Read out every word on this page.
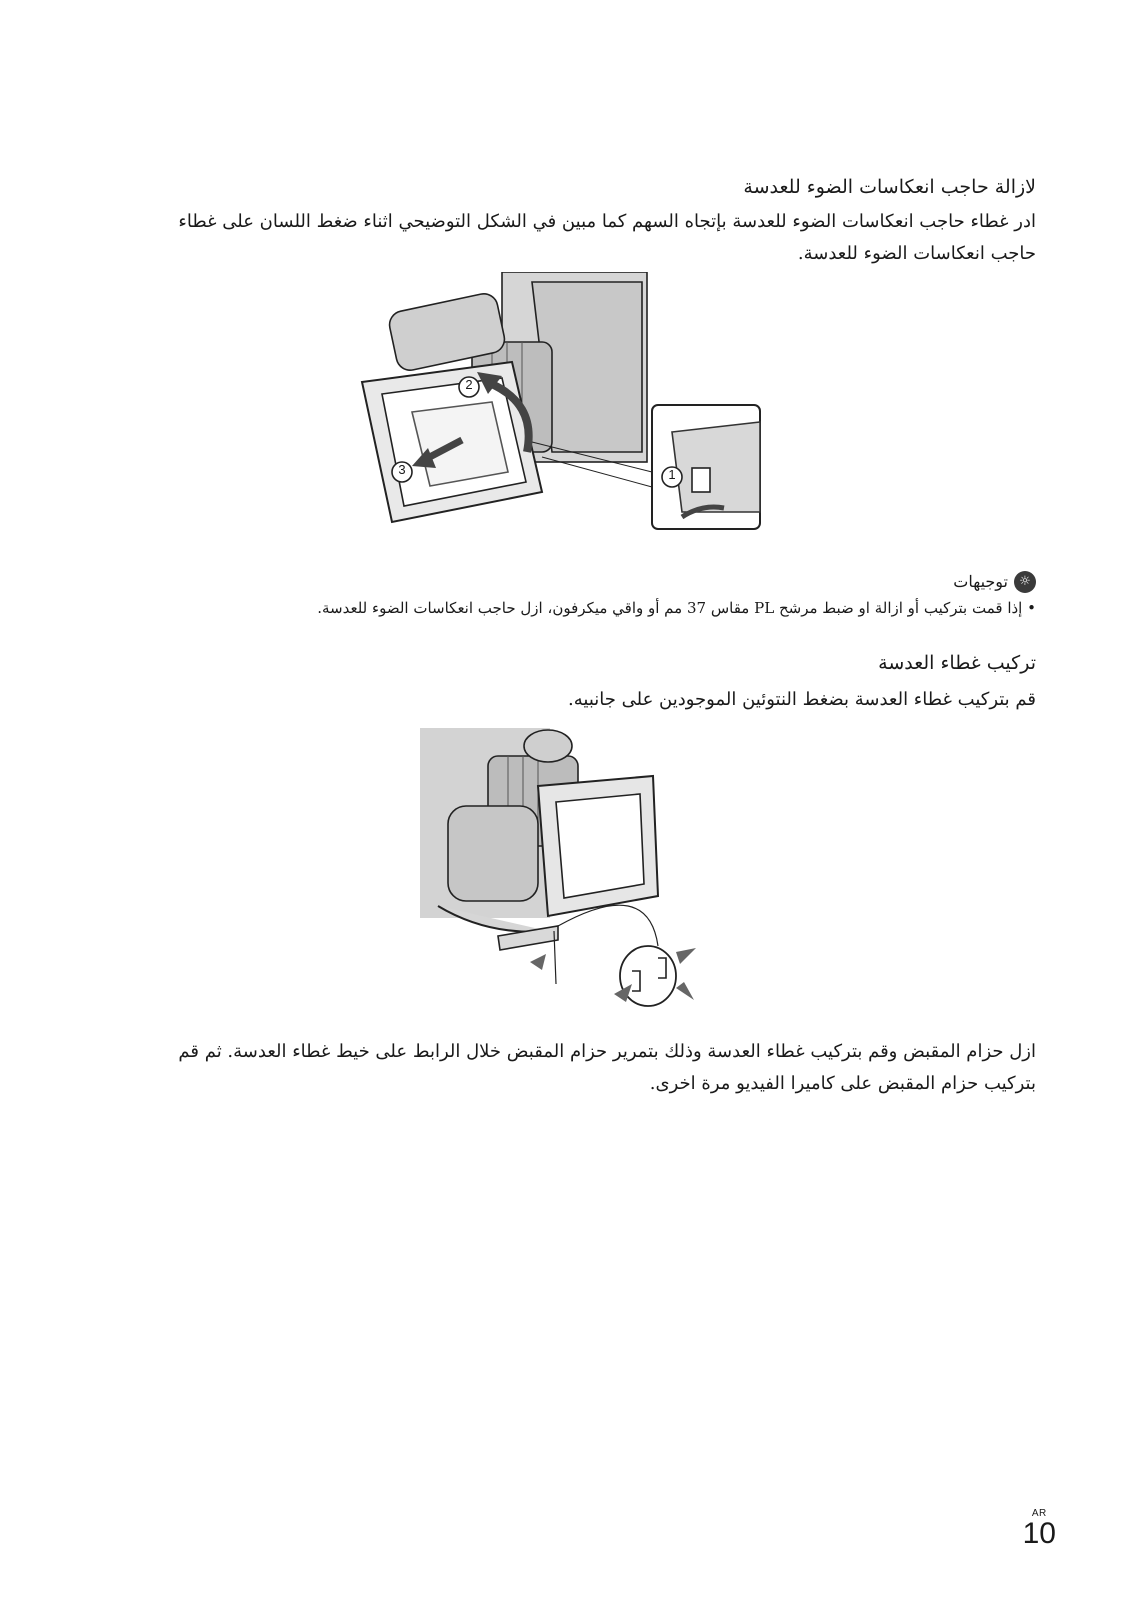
لازالة حاجب انعكاسات الضوء للعدسة
ادر غطاء حاجب انعكاسات الضوء للعدسة بإتجاه السهم كما مبين في الشكل التوضيحي اثناء ضغط اللسان على غطاء حاجب انعكاسات الضوء للعدسة.
2
3	1
☼
توجيهات
• إذا قمت بتركيب أو ازالة او ضبط مرشح PL مقاس 37 مم أو واقي ميكرفون، ازل حاجب انعكاسات الضوء للعدسة.
تركيب غطاء العدسة
قم بتركيب غطاء العدسة بضغط النتوئين الموجودين على جانبيه.
ازل حزام المقبض وقم بتركيب غطاء العدسة وذلك بتمرير حزام المقبض خلال الرابط على خيط غطاء العدسة. ثم قم بتركيب حزام المقبض على كاميرا الفيديو مرة اخرى.
AR
10
